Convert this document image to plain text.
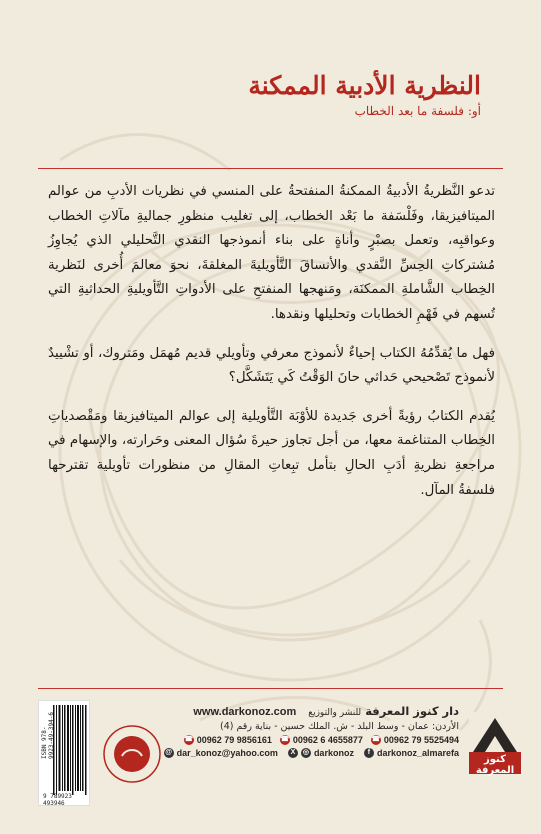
النظرية الأدبية الممكنة

أو: فلسفة ما بعد الخطاب

تدعو النَّظريةُ الأدبيةُ الممكنةُ المنفتحةُ على المنسي في نظريات الأدبِ من عوالم الميتافيزيقا، وفَلْسَفة ما بَعْد الخطاب، إلى تغليب منظورِ جماليةِ مآلاتِ الخطاب وعواقبِه، وتعمل بصبْرٍ وأناةٍ على بناء أنموذجها النقدي التَّحليلي الذي يُجاوِزُ مُشتركاتِ الحِسِّ النَّقدي والأنساقَ التَّأويليةَ المغلقةَ، نحوَ معالمَ أُخرى لنَظرية الخِطاب الشَّاملةِ الممكنَة، ومَنهجها المنفتحِ على الأدواتِ التَّأويليةِ الحداثيةِ التي تُسهم في فَهْمِ الخطابات وتحليلها ونقدها.

فهل ما يُقدِّمُهُ الكتاب إحياءٌ لأنموذج معرفي وتأويلي قديم مُهمَل ومَتروك، أو تشْييدٌ لأنموذج تَصْحيحي حَداثي حانَ الوَقْتُ كَي يَتَشَكَّل؟

يُقدم الكتابُ رؤيةً أخرى جَديدة للأوْبَة التَّأويلية إلى عوالم الميتافيزيقا ومَقْصدياتِ الخِطاب المتناغمة معها، من أجل تجاوز حيرةَ سُؤال المعنى وحَرارته، والإسهام في مراجعةِ نظريةِ أدَبِ الحالِ بتأمل تبِعاتِ المقالِ من منظورات تأويلية تقترحها فلسفةُ المآل.

ISBN 978-9923-49-394-6
9 789923 493946

دار كنوز المعرفة للنشر والتوزيع www.darkonoz.com

الأردن: عمان - وسط البلد - ش. الملك حسين - بناية رقم (4)

☎ 00962 79 5525494
☎ 00962 6 4655877
☎ 00962 79 9856161
@ dar_konoz@yahoo.com	X	◎ darkonoz	f darkonoz_almarefa
كنوز المعرفة
